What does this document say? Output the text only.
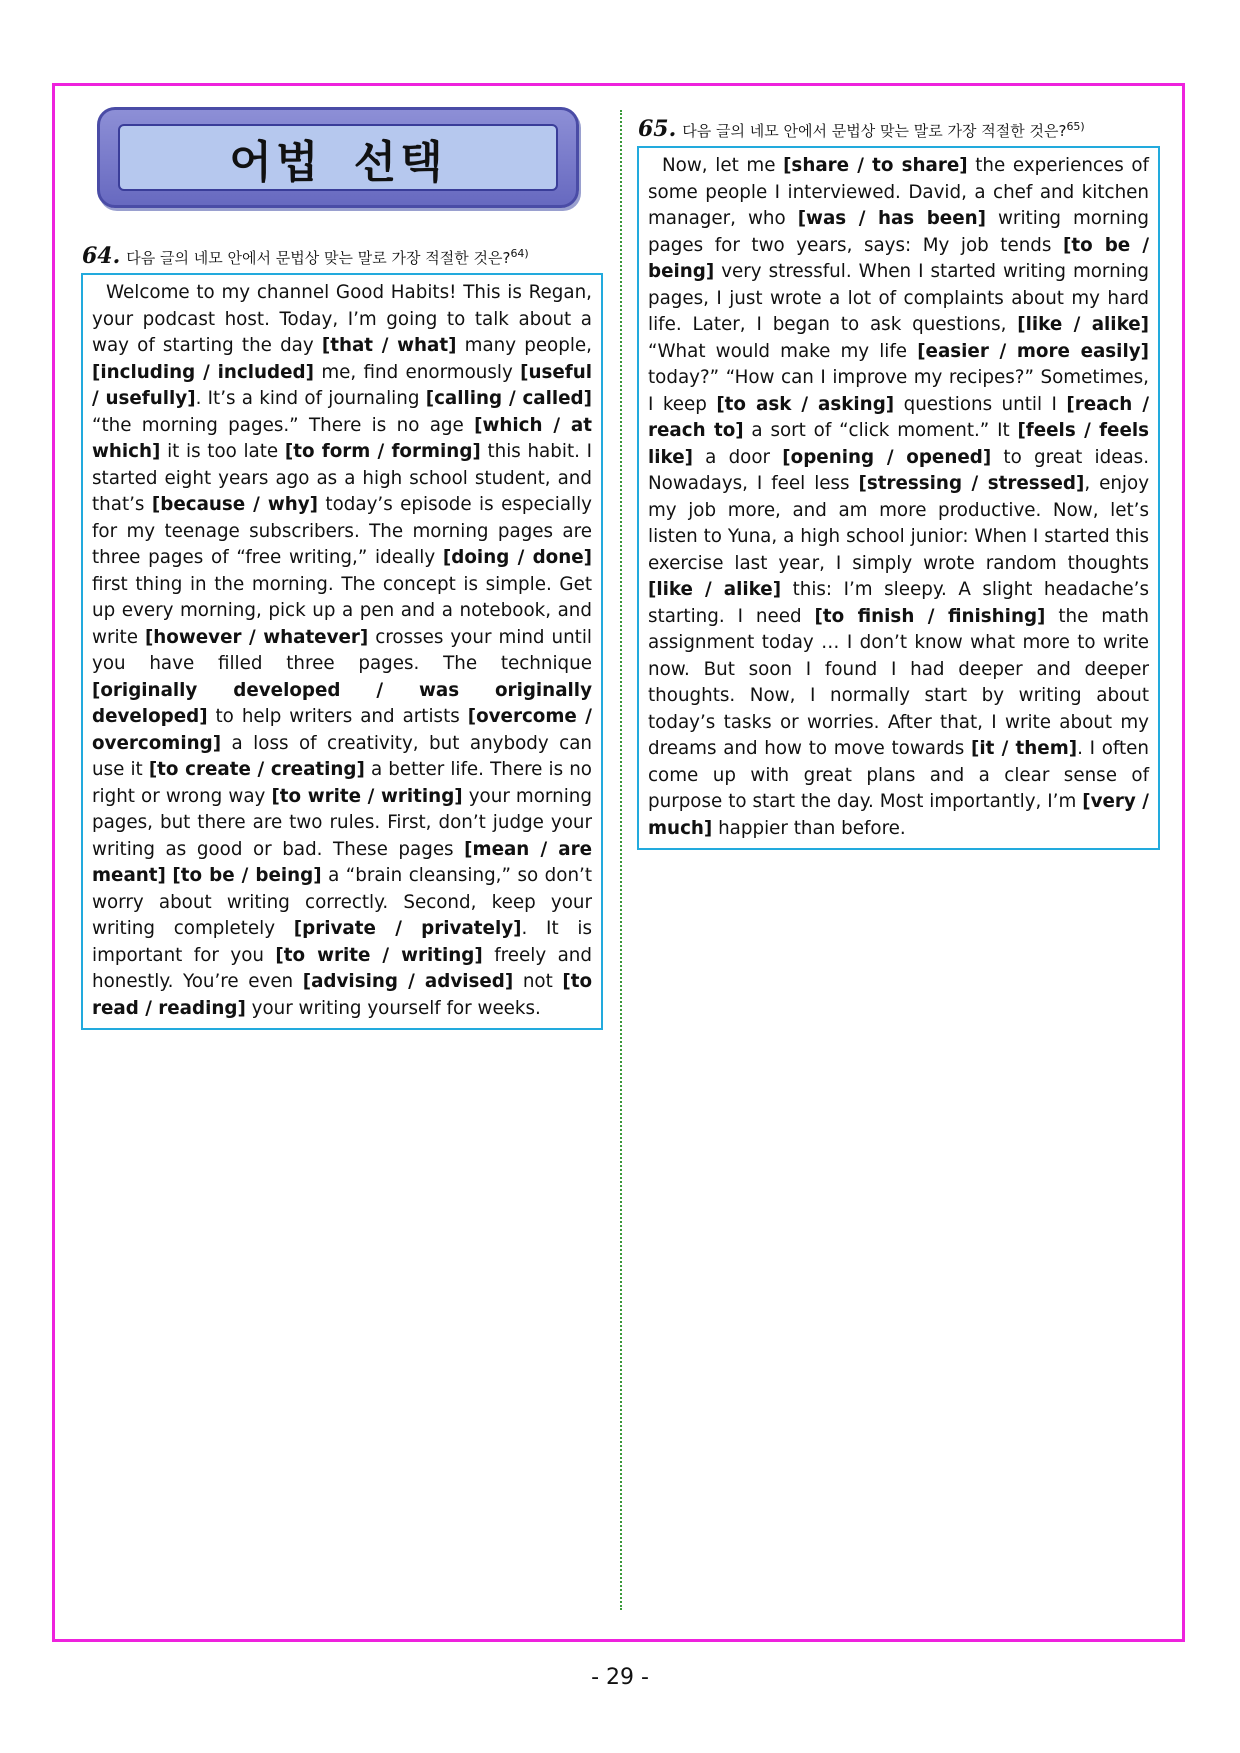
어법 선택
64. 다음 글의 네모 안에서 문법상 맞는 말로 가장 적절한 것은?$^{64)}$
Welcome to my channel Good Habits! This is Regan, your podcast host. Today, I’m going to talk about a way of starting the day [that / what] many people, [including / included] me, find enormously [useful / usefully]. It’s a kind of journaling [calling / called] “the morning pages.” There is no age [which / at which] it is too late [to form / forming] this habit. I started eight years ago as a high school student, and that’s [because / why] today’s episode is especially for my teenage subscribers. The morning pages are three pages of “free writing,” ideally [doing / done] first thing in the morning. The concept is simple. Get up every morning, pick up a pen and a notebook, and write [however / whatever] crosses your mind until you have filled three pages. The technique [originally developed / was originally developed] to help writers and artists [overcome / overcoming] a loss of creativity, but anybody can use it [to create / creating] a better life. There is no right or wrong way [to write / writing] your morning pages, but there are two rules. First, don’t judge your writing as good or bad. These pages [mean / are meant] [to be / being] a “brain cleansing,” so don’t worry about writing correctly. Second, keep your writing completely [private / privately]. It is important for you [to write / writing] freely and honestly. You’re even [advising / advised] not [to read / reading] your writing yourself for weeks.
65. 다음 글의 네모 안에서 문법상 맞는 말로 가장 적절한 것은?$^{65)}$
Now, let me [share / to share] the experiences of some people I interviewed. David, a chef and kitchen manager, who [was / has been] writing morning pages for two years, says: My job tends [to be / being] very stressful. When I started writing morning pages, I just wrote a lot of complaints about my hard life. Later, I began to ask questions, [like / alike] “What would make my life [easier / more easily] today?” “How can I improve my recipes?” Sometimes, I keep [to ask / asking] questions until I [reach / reach to] a sort of “click moment.” It [feels / feels like] a door [opening / opened] to great ideas. Nowadays, I feel less [stressing / stressed], enjoy my job more, and am more productive. Now, let’s listen to Yuna, a high school junior: When I started this exercise last year, I simply wrote random thoughts [like / alike] this: I’m sleepy. A slight headache’s starting. I need [to finish / finishing] the math assignment today … I don’t know what more to write now. But soon I found I had deeper and deeper thoughts. Now, I normally start by writing about today’s tasks or worries. After that, I write about my dreams and how to move towards [it / them]. I often come up with great plans and a clear sense of purpose to start the day. Most importantly, I’m [very / much] happier than before.
- 29 -
